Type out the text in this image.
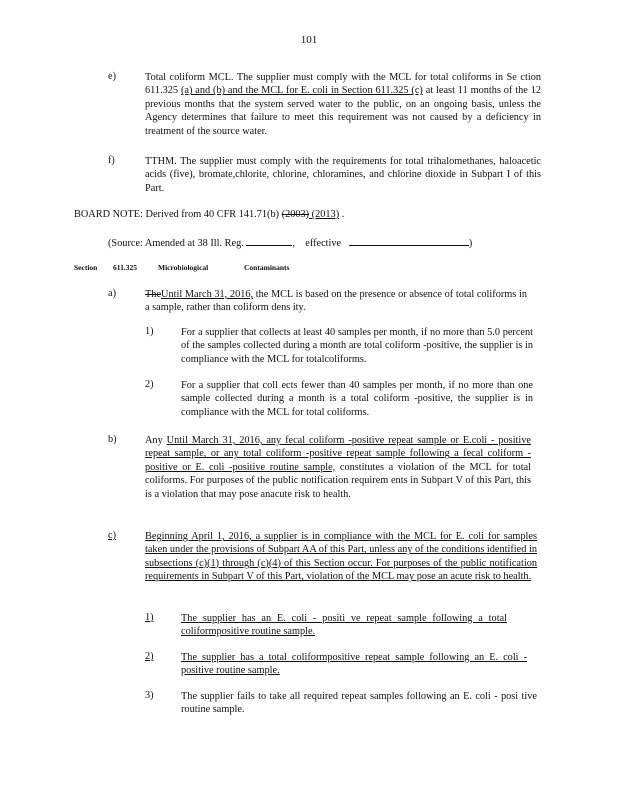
101
e)	Total coliform MCL. The supplier must comply with the MCL for total coliforms in Se ction 611.325 (a) and (b) and the MCL for E. coli in Section 611.325 (c) at least 11 months of the 12 previous months that the system served water to the public, on an ongoing basis, unless the Agency determines that failure to meet this requirement was not caused by a deficiency in treatment of the source water.
f)	TTHM. The supplier must comply with the requirements for total trihalomethanes, haloacetic acids (five), bromate,chlorite, chlorine, chloramines, and chlorine dioxide in Subpart I of this Part.
BOARD NOTE: Derived from 40 CFR 141.71(b) (2003) (2013) .
(Source: Amended at 38 Ill. Reg.	, effective	)
Section 611.325	Microbiological	Contaminants
a)	TheUntil March 31, 2016, the MCL is based on the presence or absence of total coliforms in a sample, rather than coliform dens ity.
1)	For a supplier that collects at least 40 samples per month, if no more than 5.0 percent of the samples collected during a month are total coliform -positive, the supplier is in compliance with the MCL for totalcoliforms.
2)	For a supplier that coll ects fewer than 40 samples per month, if no more than one sample collected during a month is a total coliform -positive, the supplier is in compliance with the MCL for total coliforms.
b)	Any Until March 31, 2016, any fecal coliform -positive repeat sample or E.coli - positive repeat sample, or any total coliform -positive repeat sample following a fecal coliform -positive or E. coli -positive routine sample, constitutes a violation of the MCL for total coliforms. For purposes of the public notification requirem ents in Subpart V of this Part, this is a violation that may pose anacute risk to health.
c)	Beginning April 1, 2016, a supplier is in compliance with the MCL for E. coli for samples taken under the provisions of Subpart AA of this Part, unless any of the conditions identified in subsections (c)(1) through (c)(4) of this Section occur. For purposes of the public notification requirements in Subpart V of this Part, violation of the MCL may pose an acute risk to health.
1)	The supplier has an E. coli - positi ve repeat sample following a total coliformpositive routine sample.
2)	The supplier has a total coliformpositive repeat sample following an E. coli -positive routine sample.
3)	The supplier fails to take all required repeat samples following an E. coli - posi tive routine sample.
